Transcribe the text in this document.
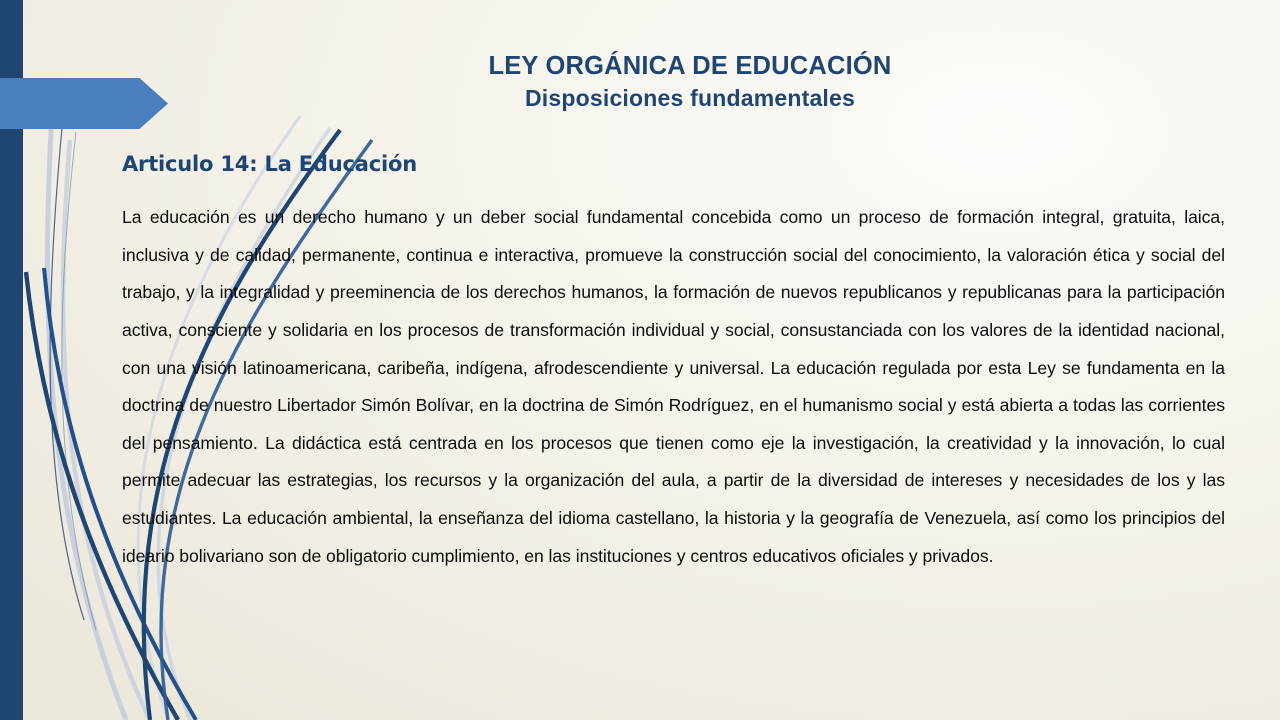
LEY ORGÁNICA DE EDUCACIÓN
Disposiciones fundamentales
Articulo 14: La Educación

La educación es un derecho humano y un deber social fundamental concebida como un proceso de formación integral, gratuita, laica, inclusiva y de calidad, permanente, continua e interactiva, promueve la construcción social del conocimiento, la valoración ética y social del trabajo, y la integralidad y preeminencia de los derechos humanos, la formación de nuevos republicanos y republicanas para la participación activa, consciente y solidaria en los procesos de transformación individual y social, consustanciada con los valores de la identidad nacional, con una visión latinoamericana, caribeña, indígena, afrodescendiente y universal. La educación regulada por esta Ley se fundamenta en la doctrina de nuestro Libertador Simón Bolívar, en la doctrina de Simón Rodríguez, en el humanismo social y está abierta a todas las corrientes del pensamiento. La didáctica está centrada en los procesos que tienen como eje la investigación, la creatividad y la innovación, lo cual permite adecuar las estrategias, los recursos y la organización del aula, a partir de la diversidad de intereses y necesidades de los y las estudiantes. La educación ambiental, la enseñanza del idioma castellano, la historia y la geografía de Venezuela, así como los principios del ideario bolivariano son de obligatorio cumplimiento, en las instituciones y centros educativos oficiales y privados.
